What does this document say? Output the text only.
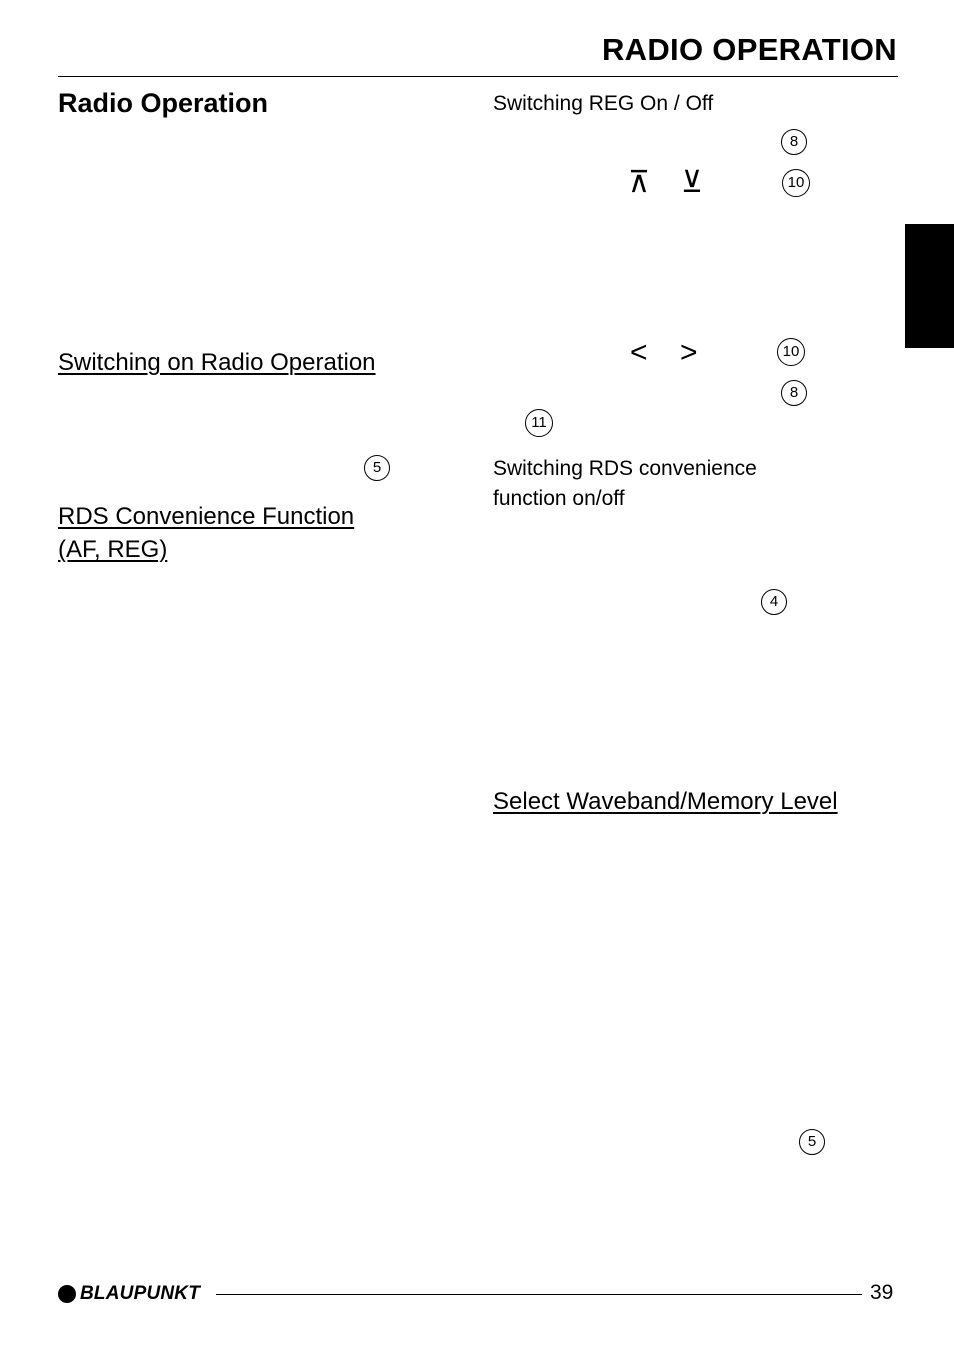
RADIO OPERATION
Radio Operation
Switching on Radio Operation
5
RDS Convenience Function
(AF, REG)
Switching REG On / Off
8
⊼ ⊻	10
< >	10
8
11
Switching RDS convenience
function on/off
4
Select Waveband/Memory Level
5
BLAUPUNKT	39
